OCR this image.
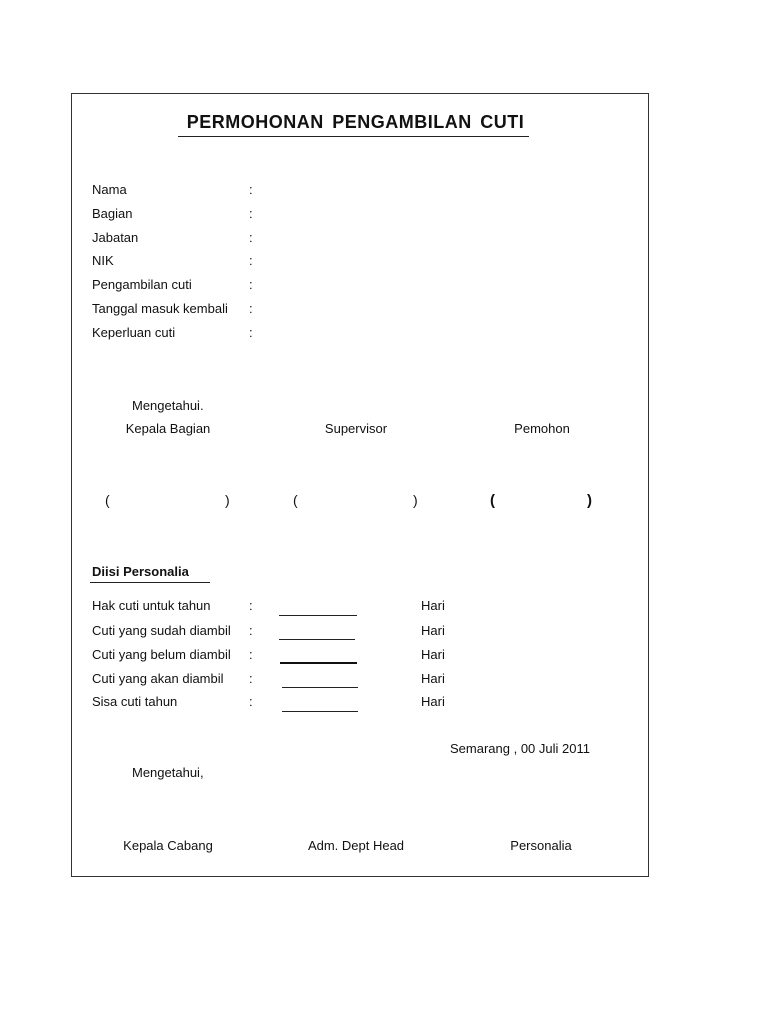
PERMOHONAN PENGAMBILAN CUTI
Nama	:
Bagian	:
Jabatan	:
NIK	:
Pengambilan cuti	:
Tanggal masuk kembali :
Keperluan cuti	:
Mengetahui.
Kepala Bagian	Supervisor	Pemohon
(	)	(	)	(	)
Diisi Personalia
Hak cuti untuk tahun	:	Hari
Cuti yang sudah diambil :	Hari
Cuti yang belum diambil :	Hari
Cuti yang akan diambil :	Hari
Sisa cuti tahun	:	Hari
Semarang , 00 Juli 2011
Mengetahui,
Kepala Cabang	Adm. Dept Head	Personalia
